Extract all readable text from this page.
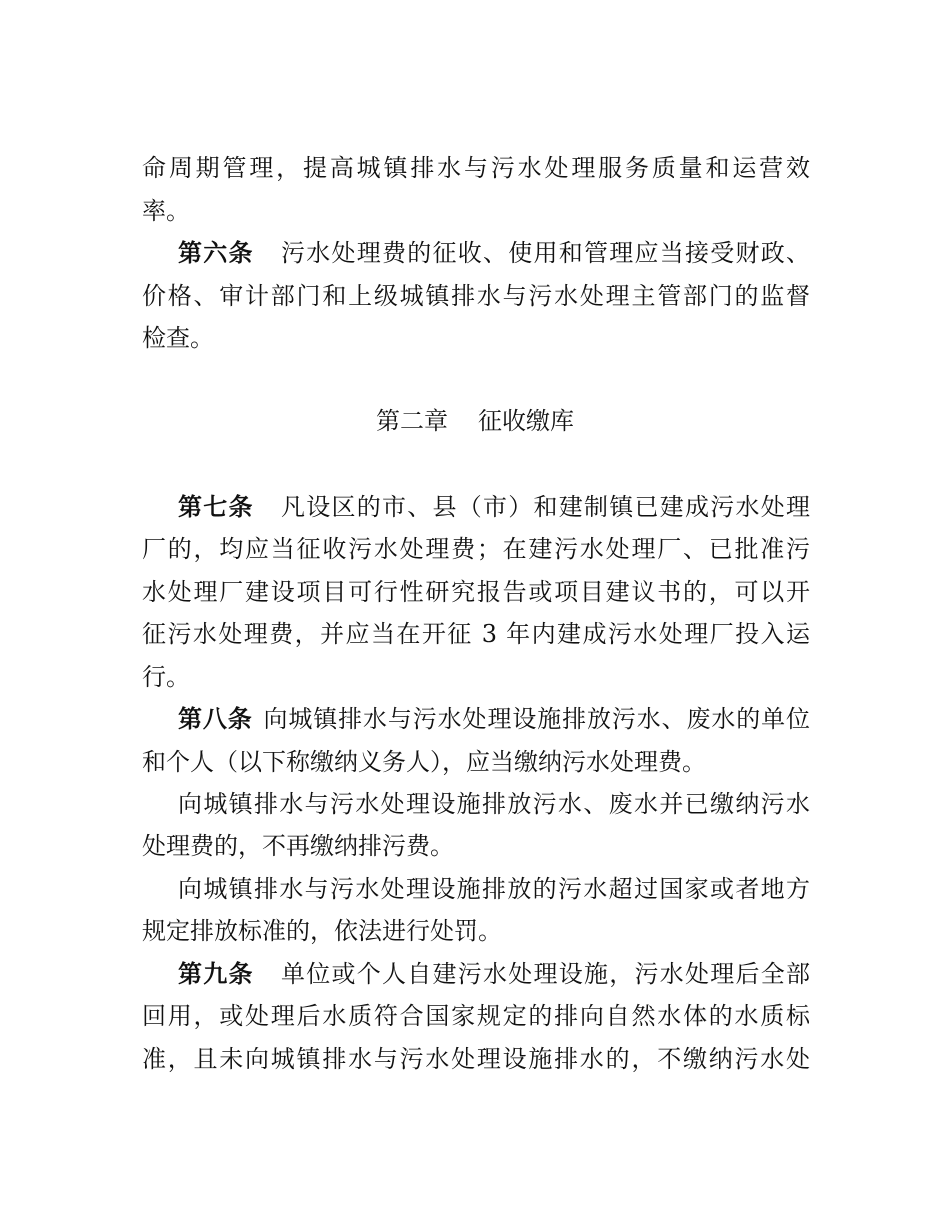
命周期管理，提高城镇排水与污水处理服务质量和运营效
率。
第六条 污水处理费的征收、使用和管理应当接受财政、
价格、审计部门和上级城镇排水与污水处理主管部门的监督
检查。
第二章 征收缴库
第七条 凡设区的市、县（市）和建制镇已建成污水处理
厂的，均应当征收污水处理费；在建污水处理厂、已批准污
水处理厂建设项目可行性研究报告或项目建议书的，可以开
征污水处理费，并应当在开征 3 年内建成污水处理厂投入运
行。
第八条 向城镇排水与污水处理设施排放污水、废水的单位
和个人（以下称缴纳义务人），应当缴纳污水处理费。
向城镇排水与污水处理设施排放污水、废水并已缴纳污水
处理费的，不再缴纳排污费。
向城镇排水与污水处理设施排放的污水超过国家或者地方
规定排放标准的，依法进行处罚。
第九条 单位或个人自建污水处理设施，污水处理后全部
回用，或处理后水质符合国家规定的排向自然水体的水质标
准，且未向城镇排水与污水处理设施排水的，不缴纳污水处
